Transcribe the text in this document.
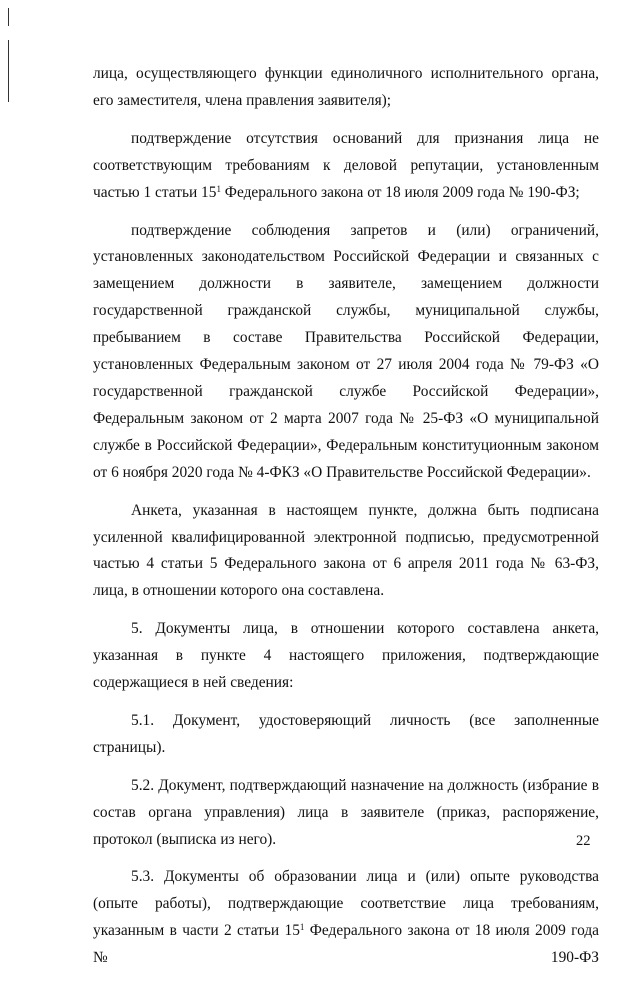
лица, осуществляющего функции единоличного исполнительного органа, его заместителя, члена правления заявителя);

подтверждение отсутствия оснований для признания лица не соответствующим требованиям к деловой репутации, установленным частью 1 статьи $15^1$ Федерального закона от 18 июля 2009 года № 190-ФЗ;

подтверждение соблюдения запретов и (или) ограничений, установленных законодательством Российской Федерации и связанных с замещением должности в заявителе, замещением должности государственной гражданской службы, муниципальной службы, пребыванием в составе Правительства Российской Федерации, установленных Федеральным законом от 27 июля 2004 года № 79-ФЗ «О государственной гражданской службе Российской Федерации», Федеральным законом от 2 марта 2007 года № 25-ФЗ «О муниципальной службе в Российской Федерации», Федеральным конституционным законом от 6 ноября 2020 года № 4-ФКЗ «О Правительстве Российской Федерации».

Анкета, указанная в настоящем пункте, должна быть подписана усиленной квалифицированной электронной подписью, предусмотренной частью 4 статьи 5 Федерального закона от 6 апреля 2011 года № 63-ФЗ, лица, в отношении которого она составлена.

5. Документы лица, в отношении которого составлена анкета, указанная в пункте 4 настоящего приложения, подтверждающие содержащиеся в ней сведения:

5.1. Документ, удостоверяющий личность (все заполненные страницы).

5.2. Документ, подтверждающий назначение на должность (избрание в состав органа управления) лица в заявителе (приказ, распоряжение, протокол (выписка из него).

5.3. Документы об образовании лица и (или) опыте руководства (опыте работы), подтверждающие соответствие лица требованиям, указанным в части 2 статьи $15^1$ Федерального закона от 18 июля 2009 года № 190-ФЗ

22
